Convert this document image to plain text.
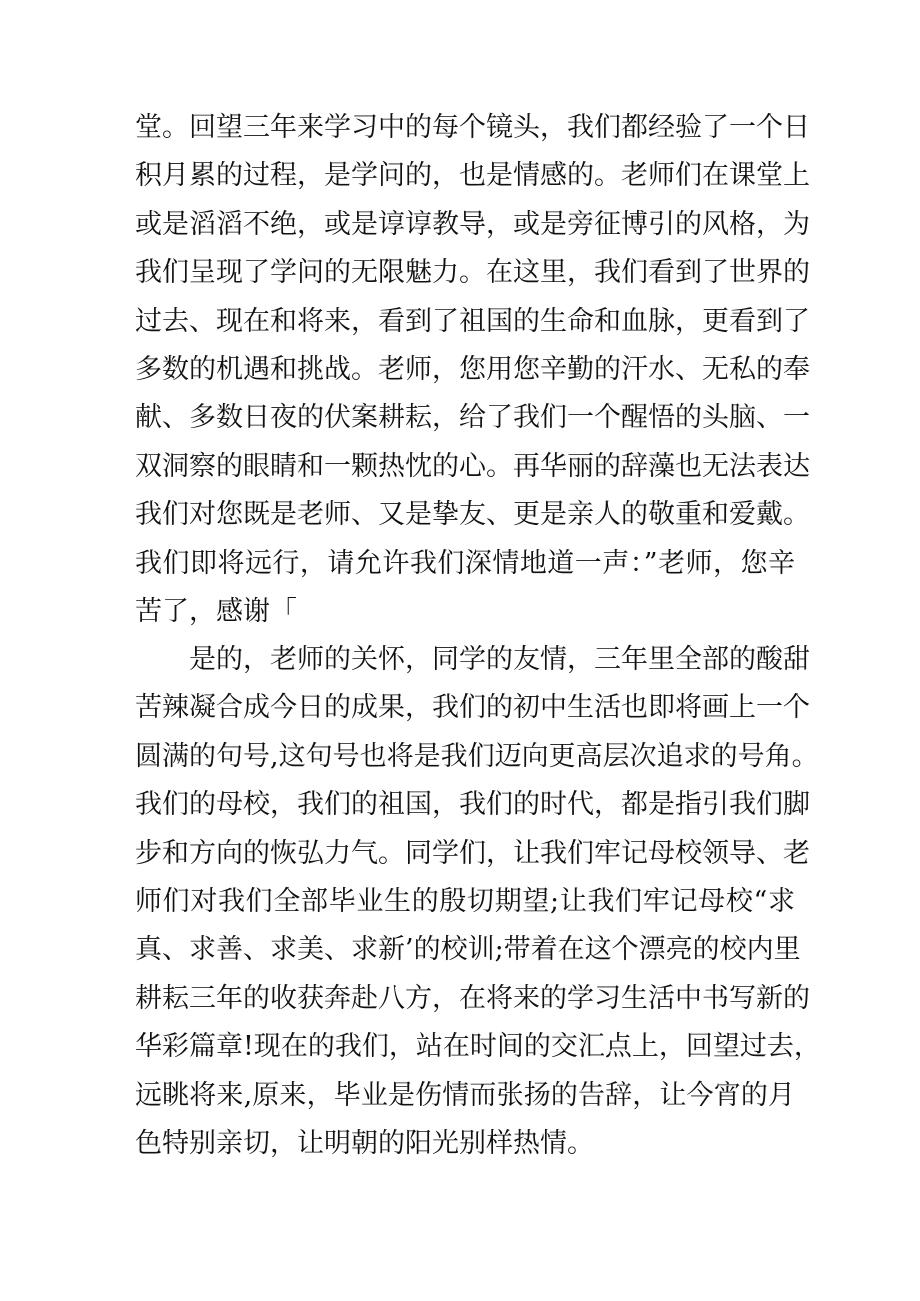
堂。回望三年来学习中的每个镜头，我们都经验了一个日
积月累的过程，是学问的，也是情感的。老师们在课堂上
或是滔滔不绝，或是谆谆教导，或是旁征博引的风格，为
我们呈现了学问的无限魅力。在这里，我们看到了世界的
过去、现在和将来，看到了祖国的生命和血脉，更看到了
多数的机遇和挑战。老师，您用您辛勤的汗水、无私的奉
献、多数日夜的伏案耕耘，给了我们一个醒悟的头脑、一
双洞察的眼睛和一颗热忱的心。再华丽的辞藻也无法表达
我们对您既是老师、又是挚友、更是亲人的敬重和爱戴。
我们即将远行，请允许我们深情地道一声：”老师，您辛
苦了，感谢「
是的，老师的关怀，同学的友情，三年里全部的酸甜
苦辣凝合成今日的成果，我们的初中生活也即将画上一个
圆满的句号,这句号也将是我们迈向更高层次追求的号角。
我们的母校，我们的祖国，我们的时代，都是指引我们脚
步和方向的恢弘力气。同学们，让我们牢记母校领导、老
师们对我们全部毕业生的殷切期望;让我们牢记母校“求
真、求善、求美、求新’的校训;带着在这个漂亮的校内里
耕耘三年的收获奔赴八方，在将来的学习生活中书写新的
华彩篇章!现在的我们，站在时间的交汇点上，回望过去，
远眺将来,原来，毕业是伤情而张扬的告辞，让今宵的月
色特别亲切，让明朝的阳光别样热情。
